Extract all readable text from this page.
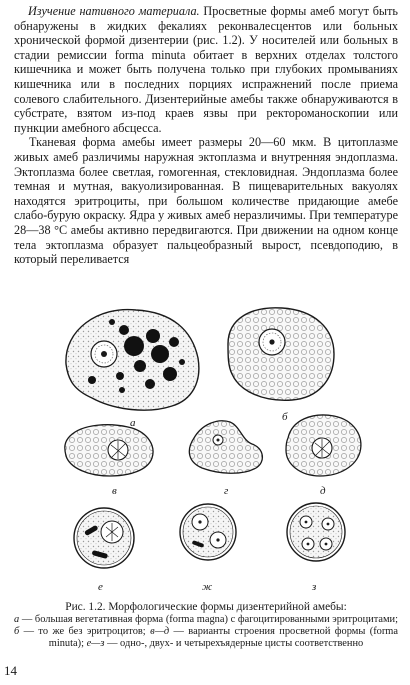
Изучение нативного материала. Просветные формы амеб могут быть обнаружены в жидких фекалиях реконвалесцентов или больных хронической формой дизентерии (рис. 1.2). У носителей или больных в стадии ремиссии forma minuta обитает в верхних отделах толстого кишечника и может быть получена только при глубоких промываниях кишечника или в последних порциях испражнений после приема солевого слабительного. Дизентерийные амебы также обнаруживаются в субстрате, взятом из-под краев язвы при ректороманоскопии или пункции амебного абсцесса.

Тканевая форма амебы имеет размеры 20—60 мкм. В цитоплазме живых амеб различимы наружная эктоплазма и внутренняя эндоплазма. Эктоплазма более светлая, гомогенная, стекловидная. Эндоплазма более темная и мутная, вакуолизированная. В пищеварительных вакуолях находятся эритроциты, при большом количестве придающие амебе слабо-бурую окраску. Ядра у живых амеб неразличимы. При температуре 28—38 °С амебы активно передвигаются. При движении на одном конце тела эктоплазма образует пальцеобразный вырост, псевдоподию, в который переливается

а	б
в	г	д
е	ж	з
Рис. 1.2. Морфологические формы дизентерийной амебы:
а — большая вегетативная форма (forma magna) с фагоцитированными эритроцитами; б — то же без эритроцитов; в—д — варианты строения просветной формы (forma minuta); е—з — одно-, двух- и четырехъядерные цисты соответственно
14
